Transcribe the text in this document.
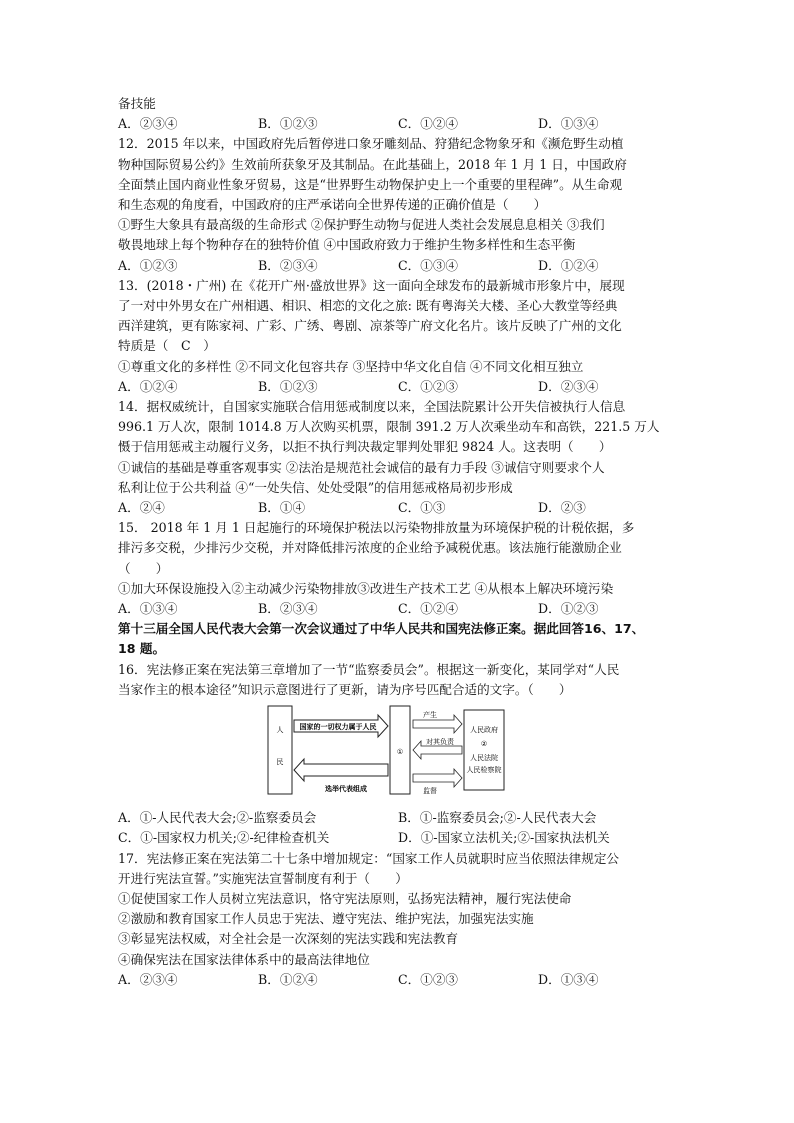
备技能
A．②③④	B．①②③	C．①②④	D．①③④
12．2015 年以来，中国政府先后暂停进口象牙雕刻品、狩猎纪念物象牙和《濒危野生动植
物种国际贸易公约》生效前所获象牙及其制品。在此基础上，2018 年 1 月 1 日，中国政府
全面禁止国内商业性象牙贸易，这是“世界野生动物保护史上一个重要的里程碑”。从生命观
和生态观的角度看，中国政府的庄严承诺向全世界传递的正确价值是（　　）
①野生大象具有最高级的生命形式 ②保护野生动物与促进人类社会发展息息相关 ③我们
敬畏地球上每个物种存在的独特价值 ④中国政府致力于维护生物多样性和生态平衡
A．①②③	B．②③④	C．①③④	D．①②④
13．(2018・广州) 在《花开广州·盛放世界》这一面向全球发布的最新城市形象片中，展现
了一对中外男女在广州相遇、相识、相恋的文化之旅: 既有粤海关大楼、圣心大教堂等经典
西洋建筑，更有陈家祠、广彩、广绣、粤剧、凉茶等广府文化名片。该片反映了广州的文化
特质是（　C　）
①尊重文化的多样性 ②不同文化包容共存 ③坚持中华文化自信 ④不同文化相互独立
A．①②④	B．①②③	C．①②③	D．②③④
14．据权威统计，自国家实施联合信用惩戒制度以来，全国法院累计公开失信被执行人信息
996.1 万人次，限制 1014.8 万人次购买机票，限制 391.2 万人次乘坐动车和高铁，221.5 万人
慑于信用惩戒主动履行义务，以拒不执行判决裁定罪判处罪犯 9824 人。这表明（　　）
①诚信的基础是尊重客观事实 ②法治是规范社会诚信的最有力手段 ③诚信守则要求个人
私利让位于公共利益 ④“一处失信、处处受限”的信用惩戒格局初步形成
A．②④	B．①④	C．①③	D．②③
15． 2018 年 1 月 1 日起施行的环境保护税法以污染物排放量为环境保护税的计税依据，多
排污多交税，少排污少交税，并对降低排污浓度的企业给予减税优惠。该法施行能激励企业
（　　）
①加大环保设施投入②主动减少污染物排放③改进生产技术工艺 ④从根本上解决环境污染
A．①③④	B．②③④	C．①②④	D．①②③
第十三届全国人民代表大会第一次会议通过了中华人民共和国宪法修正案。据此回答16、17、
18 题。
16．宪法修正案在宪法第三章增加了一节“监察委员会”。根据这一新变化，某同学对“人民
当家作主的根本途径”知识示意图进行了更新，请为序号匹配合适的文字。（　　）
人
民
国家的一切权力属于人民
选举代表组成
①
产生
对其负责
监督
人民政府
②
人民法院
人民检察院
A．①-人民代表大会;②-监察委员会	B．①-监察委员会;②-人民代表大会
C．①-国家权力机关;②-纪律检查机关	D．①-国家立法机关;②-国家执法机关
17．宪法修正案在宪法第二十七条中增加规定：“国家工作人员就职时应当依照法律规定公
开进行宪法宣誓。”实施宪法宣誓制度有利于（　　）
①促使国家工作人员树立宪法意识，恪守宪法原则，弘扬宪法精神，履行宪法使命
②激励和教育国家工作人员忠于宪法、遵守宪法、维护宪法，加强宪法实施
③彰显宪法权威，对全社会是一次深刻的宪法实践和宪法教育
④确保宪法在国家法律体系中的最高法律地位
A．②③④	B．①②④	C．①②③	D．①③④
